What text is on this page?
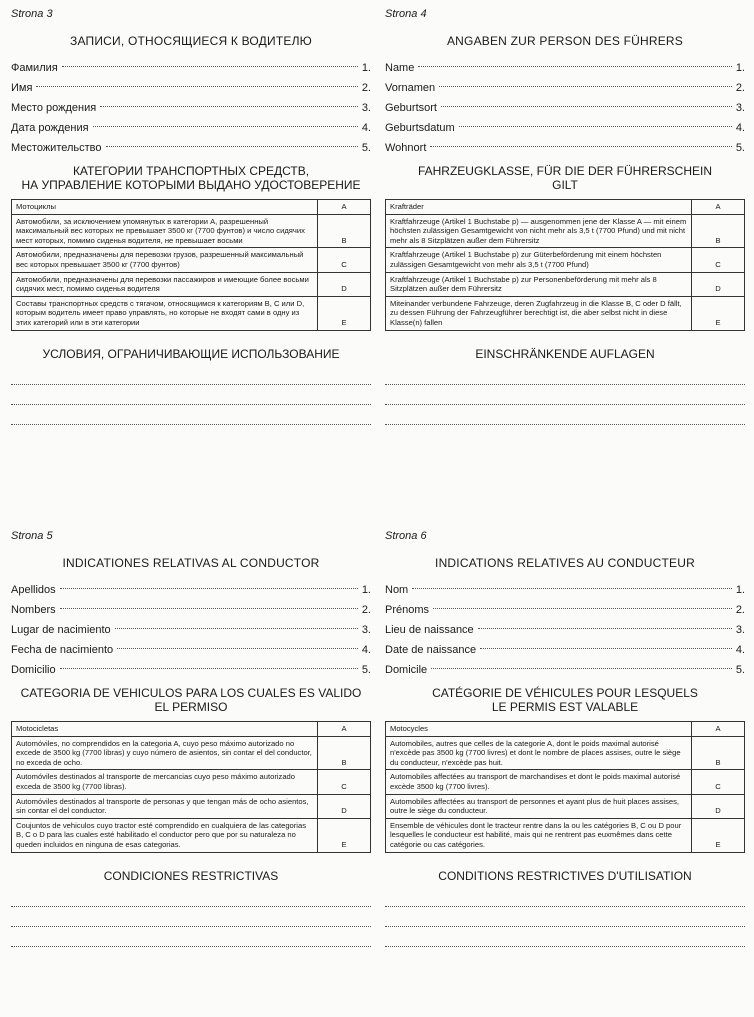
Strona 3
ЗАПИСИ, ОТНОСЯЩИЕСЯ К ВОДИТЕЛЮ
Фамилия	1.
Имя	2.
Место рождения	3.
Дата рождения	4.
Местожительство	5.
КАТЕГОРИИ ТРАНСПОРТНЫХ СРЕДСТВ,
НА УПРАВЛЕНИЕ КОТОРЫМИ ВЫДАНО УДОСТОВЕРЕНИЕ
Мотоциклы	A
Автомобили, за исключением упомянутых в категории A, разрешенный максимальный вес которых не превышает 3500 кг (7700 фунтов) и число сидячих мест которых, помимо сиденья водителя, не превышает восьми	B
Автомобили, предназначены для перевозки грузов, разрешенный максимальный вес которых превышает 3500 кг (7700 фунтов)	C
Автомобили, предназначены для перевозки пассажиров и имеющие более восьми сидячих мест, помимо сиденья водителя	D
Составы транспортных средств с тягачом, относящимся к категориям B, C или D, которым водитель имеет право управлять, но которые не входят сами в одну из этих категорий или в эти категории	E
УСЛОВИЯ, ОГРАНИЧИВАЮЩИЕ ИСПОЛЬЗОВАНИЕ
Strona 4
ANGABEN ZUR PERSON DES FÜHRERS
Name	1.
Vornamen	2.
Geburtsort	3.
Geburtsdatum	4.
Wohnort	5.
FAHRZEUGKLASSE, FÜR DIE DER FÜHRERSCHEIN
GILT
Krafträder	A
Kraftfahrzeuge (Artikel 1 Buchstabe p) — ausgenommen jene der Klasse A — mit einem höchsten zulässigen Gesamtgewicht von nicht mehr als 3,5 t (7700 Pfund) und mit nicht mehr als 8 Sitzplätzen außer dem Führersitz	B
Kraftfahrzeuge (Artikel 1 Buchstabe p) zur Güterbeförderung mit einem höchsten zulässigen Gesamtgewicht von mehr als 3,5 t (7700 Pfund)	C
Kraftfahrzeuge (Artikel 1 Buchstabe p) zur Personenbeförderung mit mehr als 8 Sitzplätzen außer dem Führersitz	D
Miteinander verbundene Fahrzeuge, deren Zugfahrzeug in die Klasse B, C oder D fällt, zu dessen Führung der Fahrzeugführer berechtigt ist, die aber selbst nicht in diese Klasse(n) fallen	E
EINSCHRÄNKENDE AUFLAGEN
Strona 5
INDICATIONES RELATIVAS AL CONDUCTOR
Apellidos	1.
Nombers	2.
Lugar de nacimiento	3.
Fecha de nacimiento	4.
Domicilio	5.
CATEGORIA DE VEHICULOS PARA LOS CUALES ES VALIDO
EL PERMISO
Motocicletas	A
Automóviles, no comprendidos en la categoria A, cuyo peso máximo autorizado no excede de 3500 kg (7700 libras) y cuyo número de asientos, sin contar el del conductor, no exceda de ocho.	B
Automóviles destinados al transporte de mercancias cuyo peso máximo autorizado exceda de 3500 kg (7700 libras).	C
Automóviles destinados al transporte de personas y que tengan más de ocho asientos, sin contar el del conductor.	D
Coujuntos de vehiculos cuyo tractor esté comprendido en cualquiera de las categorias B, C o D para las cuales esté habilitado el conductor pero que por su naturaleza no queden incluidos en ninguna de esas categorias.	E
CONDICIONES RESTRICTIVAS
Strona 6
INDICATIONS RELATIVES AU CONDUCTEUR
Nom	1.
Prénoms	2.
Lieu de naissance	3.
Date de naissance	4.
Domicile	5.
CATÉGORIE DE VÉHICULES POUR LESQUELS
LE PERMIS EST VALABLE
Motocycles	A
Automobiles, autres que celles de la categorie A, dont le poids maximal autorisé n'excède pas 3500 kg (7700 livres) et dont le nombre de places assises, outre le siège du conducteur, n'excède pas huit.	B
Automobiles affectées au transport de marchandises et dont le poids maximal autorisé excède 3500 kg (7700 livres).	C
Automobiles affectées au transport de personnes et ayant plus de huit places assises, outre le siège du conducteur.	D
Ensemble de véhicules dont le tracteur rentre dans la ou les catégories B, C ou D pour lesquelles le conducteur est habilité, mais qui ne rentrent pas euxmêmes dans cette catégorie ou cas catégories.	E
CONDITIONS RESTRICTIVES D'UTILISATION
